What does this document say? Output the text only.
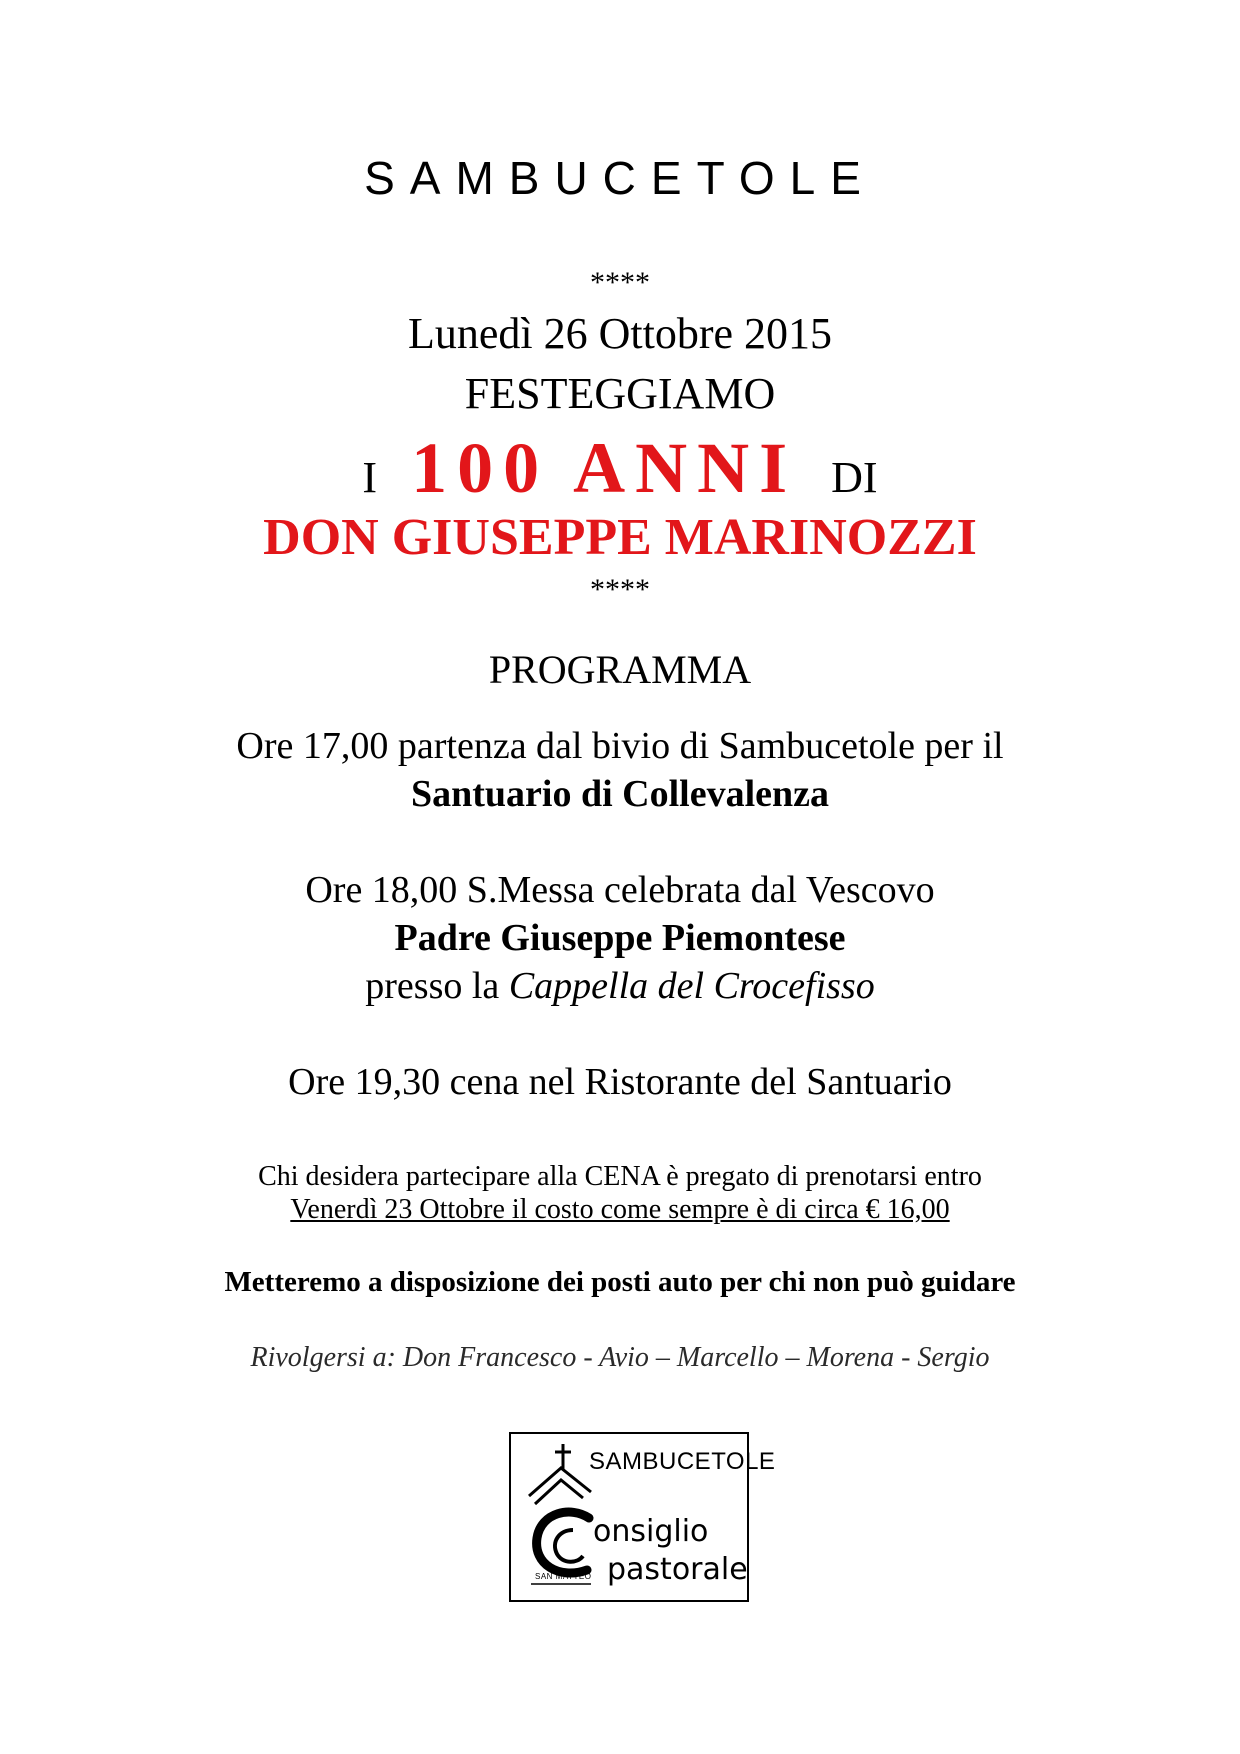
SAMBUCETOLE
****
Lunedì 26 Ottobre 2015
FESTEGGIAMO
I 100 ANNI DI
DON GIUSEPPE MARINOZZI
****
PROGRAMMA
Ore 17,00 partenza dal bivio di Sambucetole per il
Santuario di Collevalenza
Ore 18,00 S.Messa celebrata dal Vescovo
Padre Giuseppe Piemontese
presso la Cappella del Crocefisso
Ore 19,30 cena nel Ristorante del Santuario
Chi desidera partecipare alla CENA è pregato di prenotarsi entro
Venerdì 23 Ottobre il costo come sempre è di circa € 16,00
Metteremo a disposizione dei posti auto per chi non può guidare
Rivolgersi a: Don Francesco - Avio – Marcello – Morena - Sergio
SAMBUCETOLE
onsiglio
pastorale
SAN MATTEO
